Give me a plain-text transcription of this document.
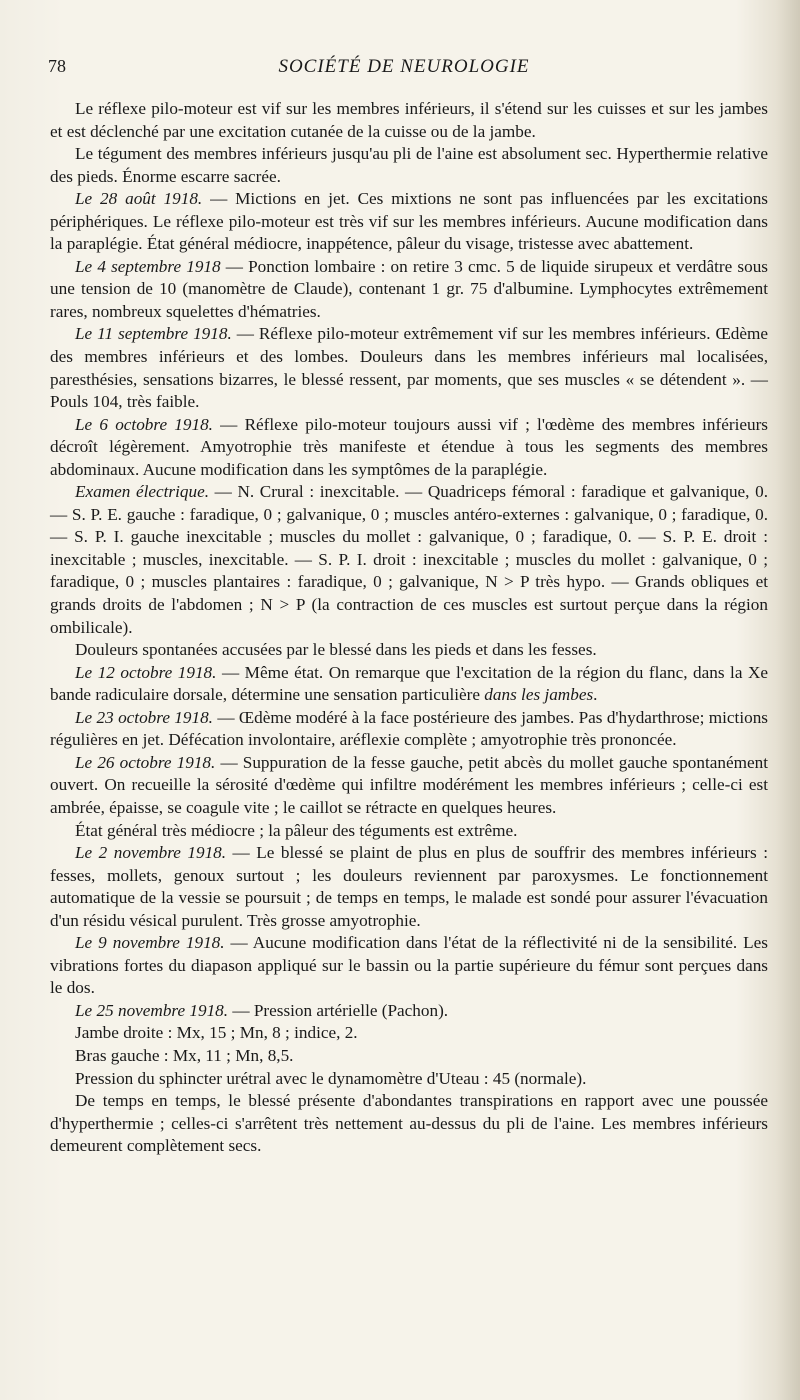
78	SOCIÉTÉ DE NEUROLOGIE

Le réflexe pilo-moteur est vif sur les membres inférieurs, il s'étend sur les cuisses et sur les jambes et est déclenché par une excitation cutanée de la cuisse ou de la jambe.

Le tégument des membres inférieurs jusqu'au pli de l'aine est absolument sec. Hyperthermie relative des pieds. Énorme escarre sacrée.

Le 28 août 1918. — Mictions en jet. Ces mixtions ne sont pas influencées par les excitations périphériques. Le réflexe pilo-moteur est très vif sur les membres inférieurs. Aucune modification dans la paraplégie. État général médiocre, inappétence, pâleur du visage, tristesse avec abattement.

Le 4 septembre 1918 — Ponction lombaire : on retire 3 cmc. 5 de liquide sirupeux et verdâtre sous une tension de 10 (manomètre de Claude), contenant 1 gr. 75 d'albumine. Lymphocytes extrêmement rares, nombreux squelettes d'hématries.

Le 11 septembre 1918. — Réflexe pilo-moteur extrêmement vif sur les membres inférieurs. Œdème des membres inférieurs et des lombes. Douleurs dans les membres inférieurs mal localisées, paresthésies, sensations bizarres, le blessé ressent, par moments, que ses muscles « se détendent ». — Pouls 104, très faible.

Le 6 octobre 1918. — Réflexe pilo-moteur toujours aussi vif ; l'œdème des membres inférieurs décroît légèrement. Amyotrophie très manifeste et étendue à tous les segments des membres abdominaux. Aucune modification dans les symptômes de la paraplégie.

Examen électrique. — N. Crural : inexcitable. — Quadriceps fémoral : faradique et galvanique, 0. — S. P. E. gauche : faradique, 0 ; galvanique, 0 ; muscles antéro-externes : galvanique, 0 ; faradique, 0. — S. P. I. gauche inexcitable ; muscles du mollet : galvanique, 0 ; faradique, 0. — S. P. E. droit : inexcitable ; muscles, inexcitable. — S. P. I. droit : inexcitable ; muscles du mollet : galvanique, 0 ; faradique, 0 ; muscles plantaires : faradique, 0 ; galvanique, N > P très hypo. — Grands obliques et grands droits de l'abdomen ; N > P (la contraction de ces muscles est surtout perçue dans la région ombilicale).

Douleurs spontanées accusées par le blessé dans les pieds et dans les fesses.

Le 12 octobre 1918. — Même état. On remarque que l'excitation de la région du flanc, dans la Xe bande radiculaire dorsale, détermine une sensation particulière dans les jambes.

Le 23 octobre 1918. — Œdème modéré à la face postérieure des jambes. Pas d'hydarthrose; mictions régulières en jet. Défécation involontaire, aréflexie complète ; amyotrophie très prononcée.

Le 26 octobre 1918. — Suppuration de la fesse gauche, petit abcès du mollet gauche spontanément ouvert. On recueille la sérosité d'œdème qui infiltre modérément les membres inférieurs ; celle-ci est ambrée, épaisse, se coagule vite ; le caillot se rétracte en quelques heures.

État général très médiocre ; la pâleur des téguments est extrême.

Le 2 novembre 1918. — Le blessé se plaint de plus en plus de souffrir des membres inférieurs : fesses, mollets, genoux surtout ; les douleurs reviennent par paroxysmes. Le fonctionnement automatique de la vessie se poursuit ; de temps en temps, le malade est sondé pour assurer l'évacuation d'un résidu vésical purulent. Très grosse amyotrophie.

Le 9 novembre 1918. — Aucune modification dans l'état de la réflectivité ni de la sensibilité. Les vibrations fortes du diapason appliqué sur le bassin ou la partie supérieure du fémur sont perçues dans le dos.

Le 25 novembre 1918. — Pression artérielle (Pachon).

Jambe droite : Mx, 15 ; Mn, 8 ; indice, 2.

Bras gauche : Mx, 11 ; Mn, 8,5.

Pression du sphincter urétral avec le dynamomètre d'Uteau : 45 (normale).

De temps en temps, le blessé présente d'abondantes transpirations en rapport avec une poussée d'hyperthermie ; celles-ci s'arrêtent très nettement au-dessus du pli de l'aine. Les membres inférieurs demeurent complètement secs.
